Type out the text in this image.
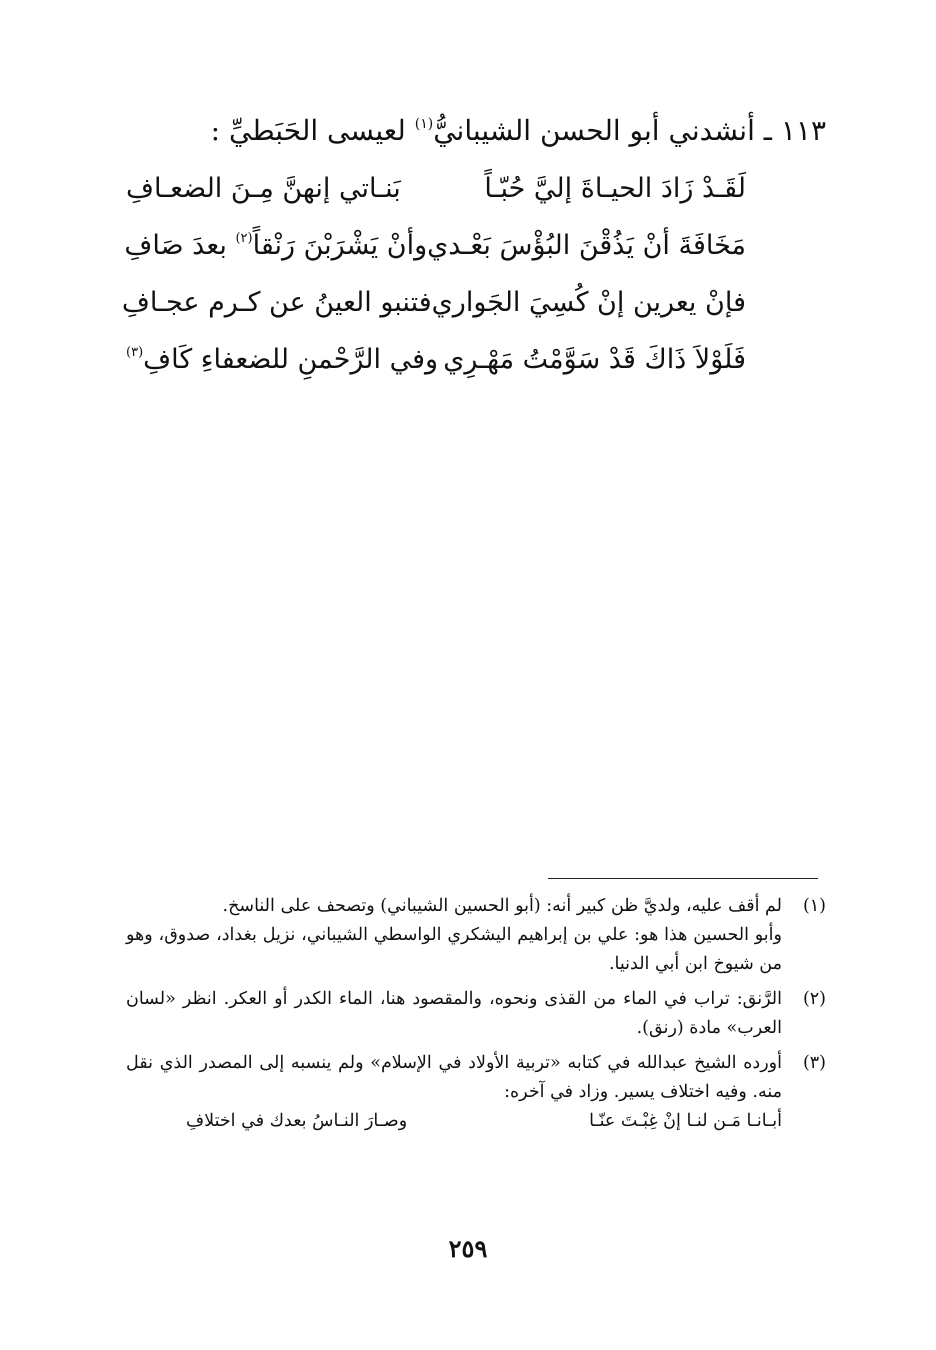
١١٣ ـ أنشدني أبو الحسن الشيبانيُّ$^{(١)}$ لعيسى الحَبَطيِّ :
لَقَـدْ زَادَ الحيـاةَ إليَّ حُبّـاً
بَنـاتي إنهنَّ مِـنَ الضعـافِ
مَخَافَةَ أنْ يَذُقْنَ البُؤْسَ بَعْـدي
وأنْ يَشْرَبْنَ رَنْقاً$^{(٢)}$ بعدَ صَافِ
فإنْ يعرين إنْ كُسِيَ الجَواري
فتنبو العينُ عن كـرم عجـافِ
فَلَوْلاَ ذَاكَ قَدْ سَوَّمْتُ مَهْـرِي
وفي الرَّحْمنِ للضعفاءِ كَافِ$^{(٣)}$
(١)

لم أقف عليه، ولديَّ ظن كبير أنه: (أبو الحسين الشيباني) وتصحف على الناسخ.

وأبو الحسين هذا هو: علي بن إبراهيم اليشكري الواسطي الشيباني، نزيل بغداد، صدوق، وهو من شيوخ ابن أبي الدنيا.

(٢)

الرَّنق: تراب في الماء من القذى ونحوه، والمقصود هنا، الماء الكدر أو العكر. انظر «لسان العرب» مادة (رنق).

(٣)

أورده الشيخ عبدالله في كتابه «تربية الأولاد في الإسلام» ولم ينسبه إلى المصدر الذي نقل منه. وفيه اختلاف يسير. وزاد في آخره:

أبـانـا مَـن لنـا إنْ غِبْـتَ عنّـا
وصـارَ النـاسُ بعدك في اختلافِ
٢٥٩
